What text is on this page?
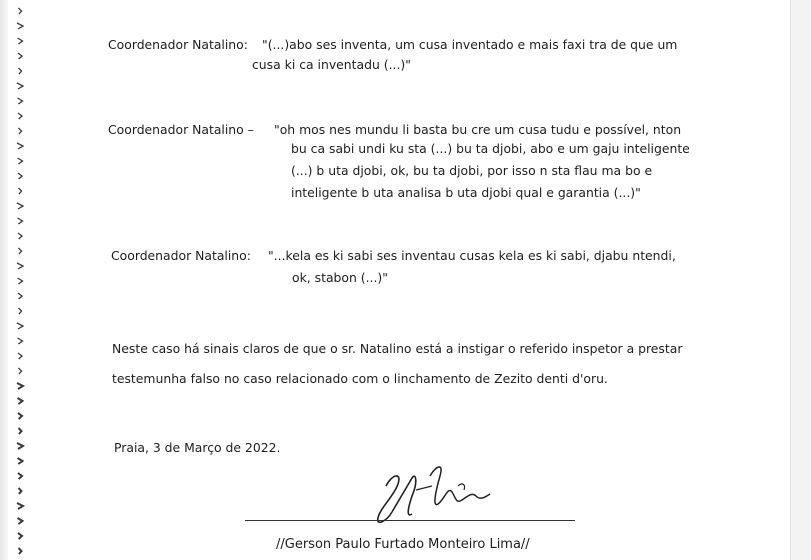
Coordenador Natalino: "(...)abo ses inventa, um cusa inventado e mais faxi tra de que um
cusa ki ca inventadu (...)"
Coordenador Natalino – "oh mos nes mundu li basta bu cre um cusa tudu e possível, nton
bu ca sabi undi ku sta (...) bu ta djobi, abo e um gaju inteligente
(...) b uta djobi, ok, bu ta djobi, por isso n sta flau ma bo e
inteligente b uta analisa b uta djobi qual e garantia (...)"
Coordenador Natalino: "...kela es ki sabi ses inventau cusas kela es ki sabi, djabu ntendi,
ok, stabon (...)"
Neste caso há sinais claros de que o sr. Natalino está a instigar o referido inspetor a prestar
testemunha falso no caso relacionado com o linchamento de Zezito denti d'oru.
Praia, 3 de Março de 2022.
//Gerson Paulo Furtado Monteiro Lima//
